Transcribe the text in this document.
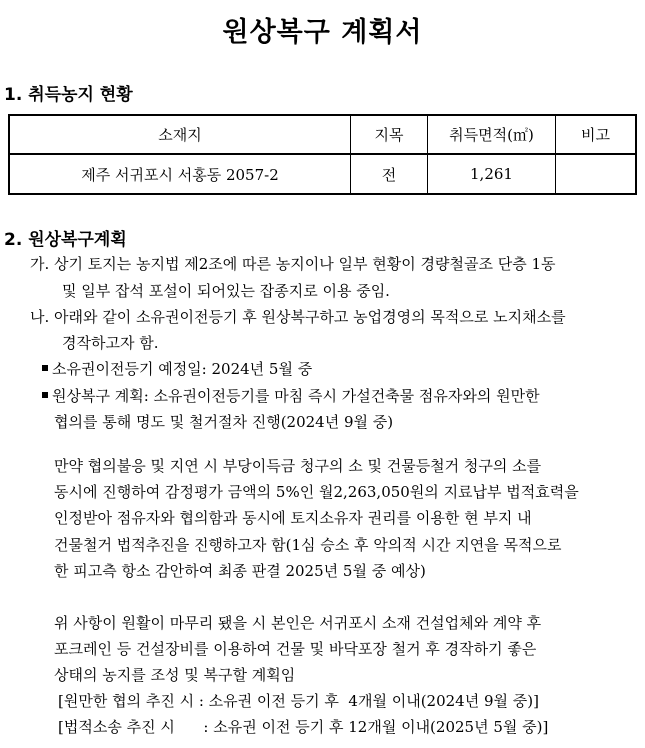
원상복구 계획서
1. 취득농지 현황
소재지	지목	취득면적(㎡)	비고
제주 서귀포시 서홍동 2057-2	전	1,261	
2. 원상복구계획
가. 상기 토지는 농지법 제2조에 따른 농지이나 일부 현황이 경량철골조 단층 1동
및 일부 잡석 포설이 되어있는 잡종지로 이용 중임.
나. 아래와 같이 소유권이전등기 후 원상복구하고 농업경영의 목적으로 노지채소를
경작하고자 함.
소유권이전등기 예정일: 2024년 5월 중
원상복구 계획: 소유권이전등기를 마침 즉시 가설건축물 점유자와의 원만한
협의를 통해 명도 및 철거절차 진행(2024년 9월 중)
만약 협의불응 및 지연 시 부당이득금 청구의 소 및 건물등철거 청구의 소를
동시에 진행하여 감정평가 금액의 5%인 월2,263,050원의 지료납부 법적효력을
인정받아 점유자와 협의함과 동시에 토지소유자 권리를 이용한 현 부지 내
건물철거 법적추진을 진행하고자 함(1심 승소 후 악의적 시간 지연을 목적으로
한 피고측 항소 감안하여 최종 판결 2025년 5월 중 예상)
위 사항이 원활이 마무리 됐을 시 본인은 서귀포시 소재 건설업체와 계약 후
포크레인 등 건설장비를 이용하여 건물 및 바닥포장 철거 후 경작하기 좋은
상태의 농지를 조성 및 복구할 계획임
[원만한 협의 추진 시 : 소유권 이전 등기 후  4개월 이내(2024년 9월 중)]
[법적소송 추진 시      : 소유권 이전 등기 후 12개월 이내(2025년 5월 중)]
